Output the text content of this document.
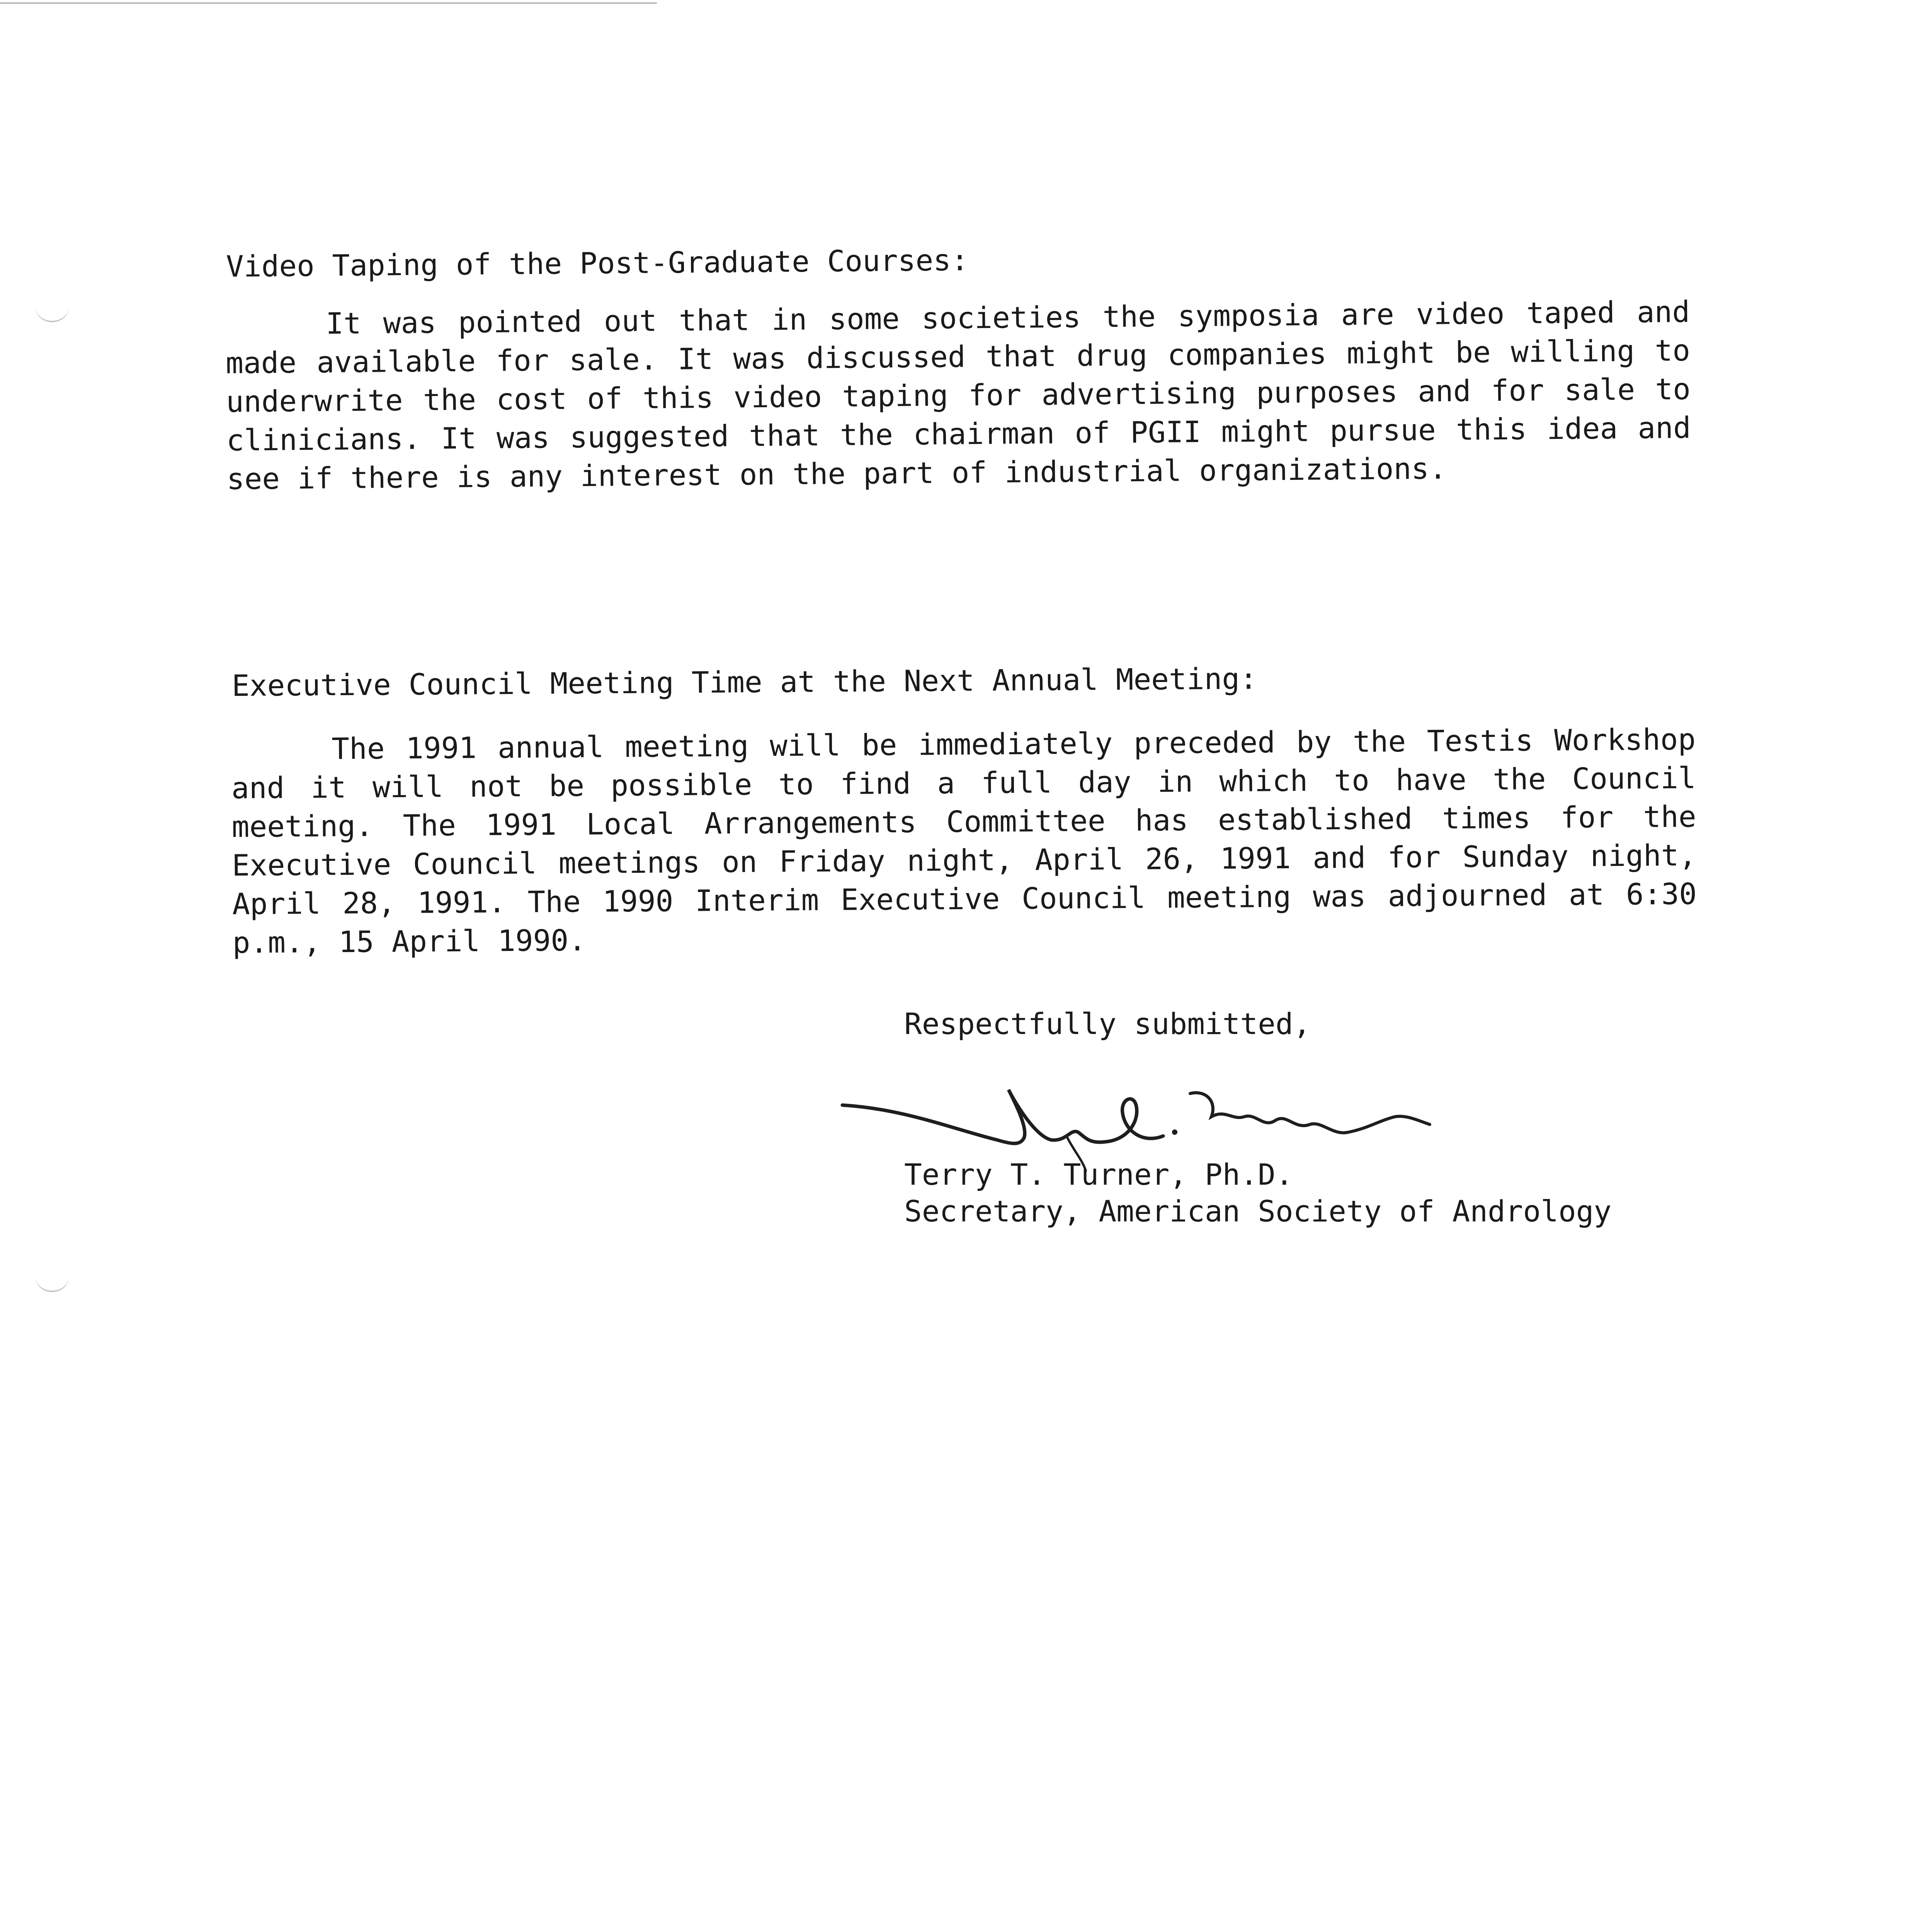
Video Taping of the Post-Graduate Courses:
It was pointed out that in some societies the symposia are video taped and made available for sale. It was discussed that drug companies might be willing to underwrite the cost of this video taping for advertising purposes and for sale to clinicians. It was suggested that the chairman of PGII might pursue this idea and see if there is any interest on the part of industrial organizations.
Executive Council Meeting Time at the Next Annual Meeting:
The 1991 annual meeting will be immediately preceded by the Testis Workshop and it will not be possible to find a full day in which to have the Council meeting. The 1991 Local Arrangements Committee has established times for the Executive Council meetings on Friday night, April 26, 1991 and for Sunday night, April 28, 1991. The 1990 Interim Executive Council meeting was adjourned at 6:30 p.m., 15 April 1990.
Respectfully submitted,
Terry T. Turner, Ph.D.
Secretary, American Society of Andrology
